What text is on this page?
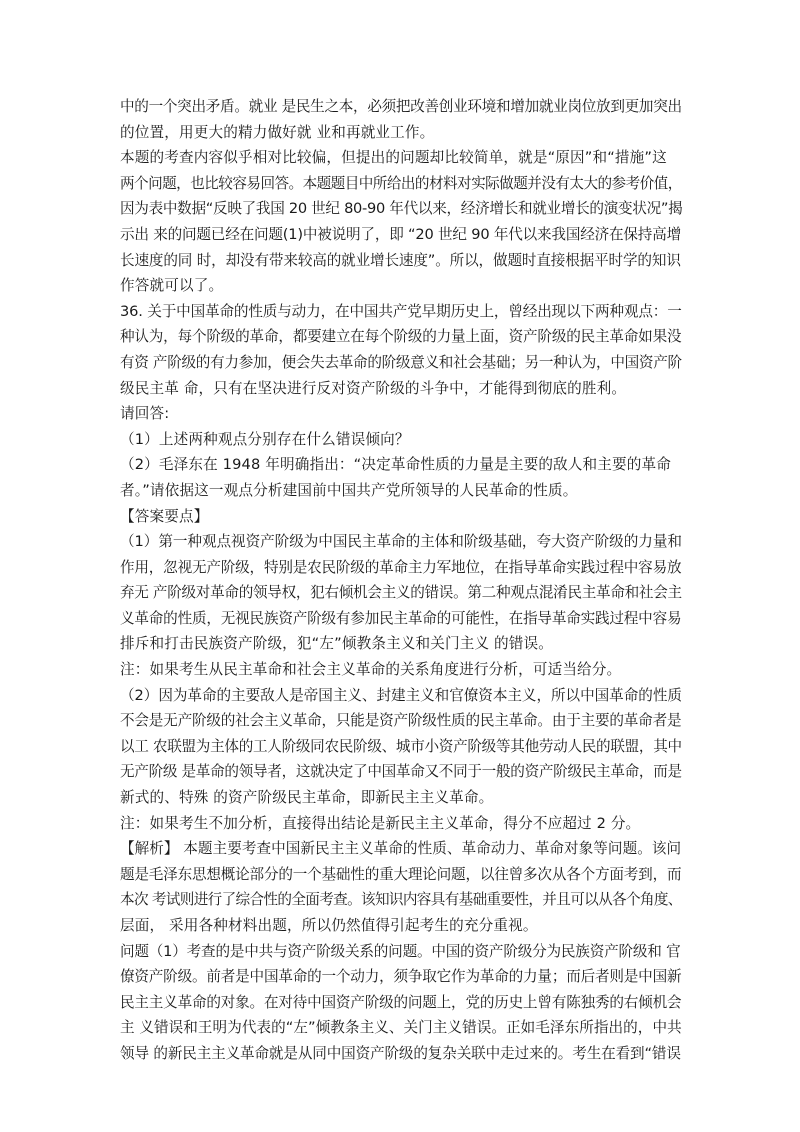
中的一个突出矛盾。就业 是民生之本，必须把改善创业环境和增加就业岗位放到更加突出
的位置，用更大的精力做好就 业和再就业工作。
本题的考查内容似乎相对比较偏，但提出的问题却比较简单，就是“原因”和“措施”这
两个问题，也比较容易回答。本题题目中所给出的材料对实际做题并没有太大的参考价值，
因为表中数据“反映了我国 20 世纪 80-90 年代以来，经济增长和就业增长的演变状况”揭
示出 来的问题已经在问题(1)中被说明了，即 “20 世纪 90 年代以来我国经济在保持高增
长速度的同 时，却没有带来较高的就业增长速度”。所以，做题时直接根据平时学的知识
作答就可以了。
36. 关于中国革命的性质与动力，在中国共产党早期历史上，曾经出现以下两种观点：一
种认为，每个阶级的革命，都要建立在每个阶级的力量上面，资产阶级的民主革命如果没
有资 产阶级的有力参加，便会失去革命的阶级意义和社会基础；另一种认为，中国资产阶
级民主革 命，只有在坚决进行反对资产阶级的斗争中，才能得到彻底的胜利。
请回答:
（1）上述两种观点分别存在什么错误倾向？
（2）毛泽东在 1948 年明确指出：“决定革命性质的力量是主要的敌人和主要的革命
者。”请依据这一观点分析建国前中国共产党所领导的人民革命的性质。
【答案要点】
（1）第一种观点视资产阶级为中国民主革命的主体和阶级基础，夸大资产阶级的力量和
作用，忽视无产阶级，特别是农民阶级的革命主力军地位，在指导革命实践过程中容易放
弃无 产阶级对革命的领导权，犯右倾机会主义的错误。第二种观点混淆民主革命和社会主
义革命的性质，无视民族资产阶级有参加民主革命的可能性，在指导革命实践过程中容易
排斥和打击民族资产阶级，犯“左”倾教条主义和关门主义 的错误。
注：如果考生从民主革命和社会主义革命的关系角度进行分析，可适当给分。
（2）因为革命的主要敌人是帝国主义、封建主义和官僚资本主义，所以中国革命的性质
不会是无产阶级的社会主义革命，只能是资产阶级性质的民主革命。由于主要的革命者是
以工 农联盟为主体的工人阶级同农民阶级、城市小资产阶级等其他劳动人民的联盟，其中
无产阶级 是革命的领导者，这就决定了中国革命又不同于一般的资产阶级民主革命，而是
新式的、特殊 的资产阶级民主革命，即新民主主义革命。
注：如果考生不加分析，直接得出结论是新民主主义革命，得分不应超过 2 分。
【解析】 本题主要考查中国新民主主义革命的性质、革命动力、革命对象等问题。该问
题是毛泽东思想概论部分的一个基础性的重大理论问题，以往曾多次从各个方面考到，而
本次 考试则进行了综合性的全面考查。该知识内容具有基础重要性，并且可以从各个角度、
层面， 采用各种材料出题，所以仍然值得引起考生的充分重视。
问题（1）考查的是中共与资产阶级关系的问题。中国的资产阶级分为民族资产阶级和 官
僚资产阶级。前者是中国革命的一个动力，须争取它作为革命的力量；而后者则是中国新
民主主义革命的对象。在对待中国资产阶级的问题上，党的历史上曾有陈独秀的右倾机会
主 义错误和王明为代表的“左”倾教条主义、关门主义错误。正如毛泽东所指出的，中共
领导 的新民主主义革命就是从同中国资产阶级的复杂关联中走过来的。考生在看到“错误
